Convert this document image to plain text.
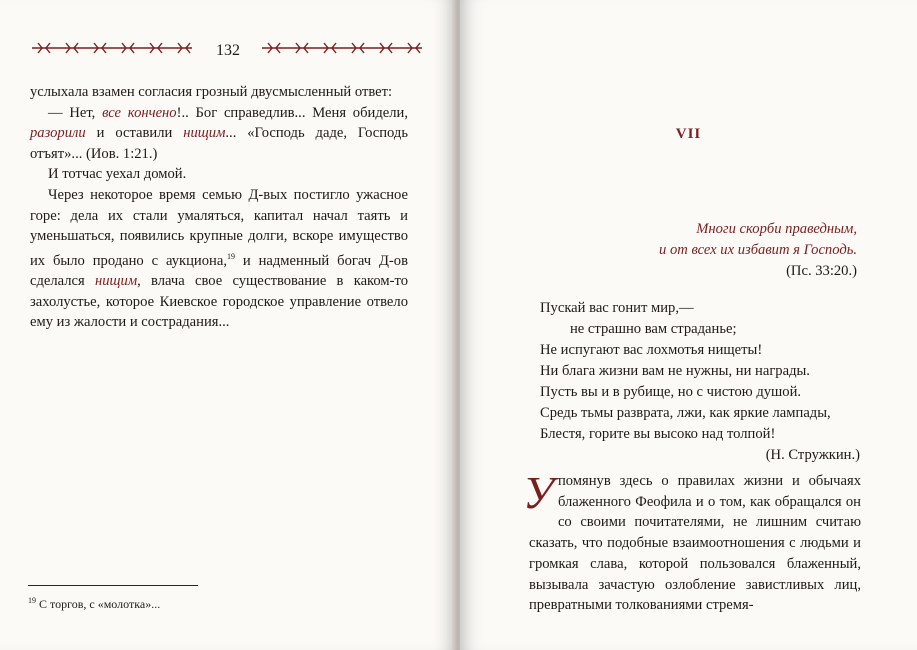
132

услыхала взамен согласия грозный двусмысленный ответ:

— Нет, все кончено!.. Бог справедлив... Меня обидели, разорили и оставили нищим... «Господь даде, Господь отъят»... (Иов. 1:21.)

И тотчас уехал домой.

Через некоторое время семью Д-вых постигло ужасное горе: дела их стали умаляться, капитал начал таять и уменьшаться, появились крупные долги, вскоре имущество их было продано с аукциона,$^{19}$ и надменный богач Д-ов сделался нищим, влача свое существование в каком-то захолустье, которое Киевское городское управление отвело ему из жалости и сострадания...

$^{19}$ С торгов, с «молотка»...
VII
Многи скорби праведным,
и от всех их избавит я Господь.
(Пс. 33:20.)
Пускай вас гонит мир,—
не страшно вам страданье;
Не испугают вас лохмотья нищеты!
Ни блага жизни вам не нужны, ни награды.
Пусть вы и в рубище, но с чистою душой.
Средь тьмы разврата, лжи, как яркие лампады,
Блестя, горите вы высоко над толпой!
(Н. Стружкин.)
У помянув здесь о правилах жизни и обычаях блаженного Феофила и о том, как обращался он со своими почитателями, не лишним считаю сказать, что подобные взаимоотношения с людьми и громкая слава, которой пользовался блаженный, вызывала зачастую озлобление завистливых лиц, превратными толкованиями стремя-
